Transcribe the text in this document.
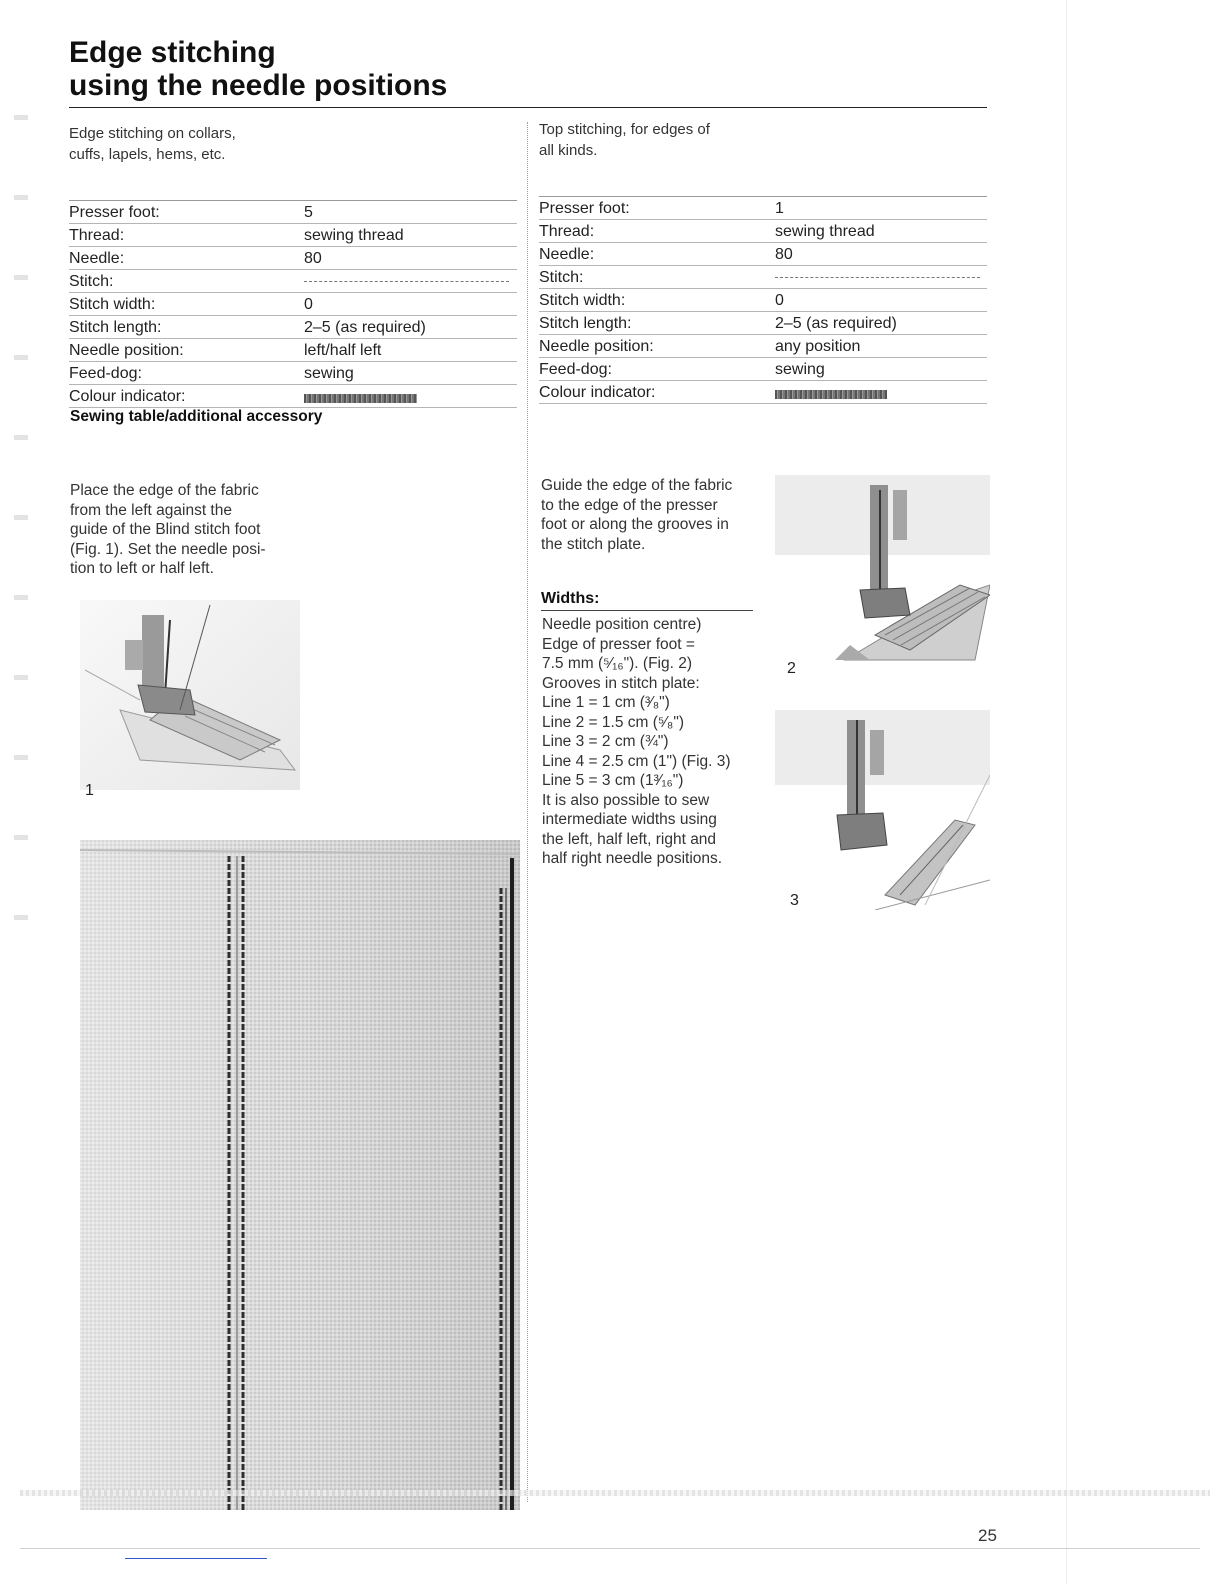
Edge stitching
using the needle positions
Edge stitching on collars,
cuffs, lapels, hems, etc.
Presser foot:	5
Thread:	sewing thread
Needle:	80
Stitch:
Stitch width:	0
Stitch length:	2–5 (as required)
Needle position:	left/half left
Feed-dog:	sewing
Colour indicator:
Sewing table/additional accessory
Place the edge of the fabric
from the left against the
guide of the Blind stitch foot
(Fig. 1). Set the needle posi-
tion to left or half left.
1
Top stitching, for edges of
all kinds.
Presser foot:	1
Thread:	sewing thread
Needle:	80
Stitch:
Stitch width:	0
Stitch length:	2–5 (as required)
Needle position:	any position
Feed-dog:	sewing
Colour indicator:
Guide the edge of the fabric
to the edge of the presser
foot or along the grooves in
the stitch plate.
Widths:
Needle position centre)
Edge of presser foot =
7.5 mm (⁵⁄₁₆"). (Fig. 2)
Grooves in stitch plate:
Line 1 = 1 cm (³⁄₈")
Line 2 = 1.5 cm (⁵⁄₈")
Line 3 = 2 cm (¾")
Line 4 = 2.5 cm (1") (Fig. 3)
Line 5 = 3 cm (1³⁄₁₆")
It is also possible to sew
intermediate widths using
the left, half left, right and
half right needle positions.
2
3
25
